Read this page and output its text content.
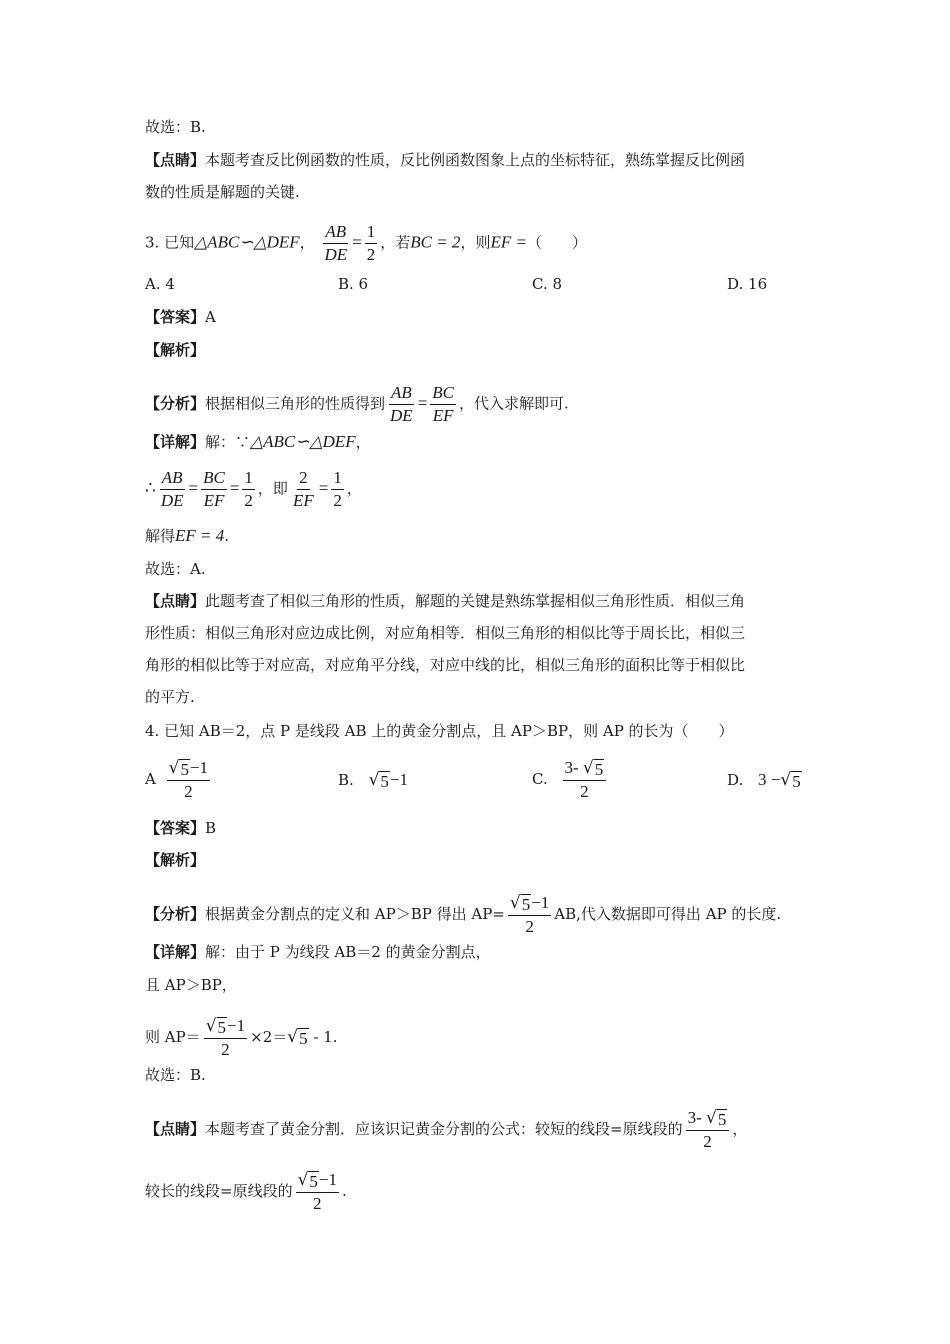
故选：B.
【点睛】本题考查反比例函数的性质，反比例函数图象上点的坐标特征，熟练掌握反比例函
数的性质是解题的关键.
3. 已知△ABC∽△DEF， $\frac{AB}{DE} = \frac{1}{2}$ ，若BC = 2，则EF =（　　）
A. 4	B. 6	C. 8	D. 16
【答案】A
【解析】
【分析】根据相似三角形的性质得到 $\frac{AB}{DE} = \frac{BC}{EF}$ ，代入求解即可.
【详解】解：∵△ABC∽△DEF，
∴ $\frac{AB}{DE} = \frac{BC}{EF} = \frac{1}{2}$ ，即 $\frac{2}{EF} = \frac{1}{2}$ ，
解得EF = 4.
故选：A.
【点睛】此题考查了相似三角形的性质，解题的关键是熟练掌握相似三角形性质．相似三角
形性质：相似三角形对应边成比例，对应角相等．相似三角形的相似比等于周长比，相似三
角形的相似比等于对应高，对应角平分线，对应中线的比，相似三角形的面积比等于相似比
的平方.
4. 已知 AB＝2，点 P 是线段 AB 上的黄金分割点，且 AP＞BP，则 AP 的长为（　　）
A $\frac{√ 5 -1}{2}$	B. √ 5 −1	C. $\frac{3- √ 5}{2}$	D. 3 − √ 5
【答案】B
【解析】
【分析】根据黄金分割点的定义和 AP＞BP 得出 $AP= \frac{√ 5 -1}{2}$ AB,代入数据即可得出 AP 的长度.
【详解】解：由于 P 为线段 AB＝2 的黄金分割点，
且 AP＞BP，
则 $AP= \frac{√ 5 -1}{2} \times 2=$ √ 5 - 1.
故选：B.
【点睛】本题考查了黄金分割．应该识记黄金分割的公式：较短的线段=原线段的 $\frac{3- √ 5}{2}$ ，
较长的线段=原线段的 $\frac{√ 5 -1}{2}$ .
